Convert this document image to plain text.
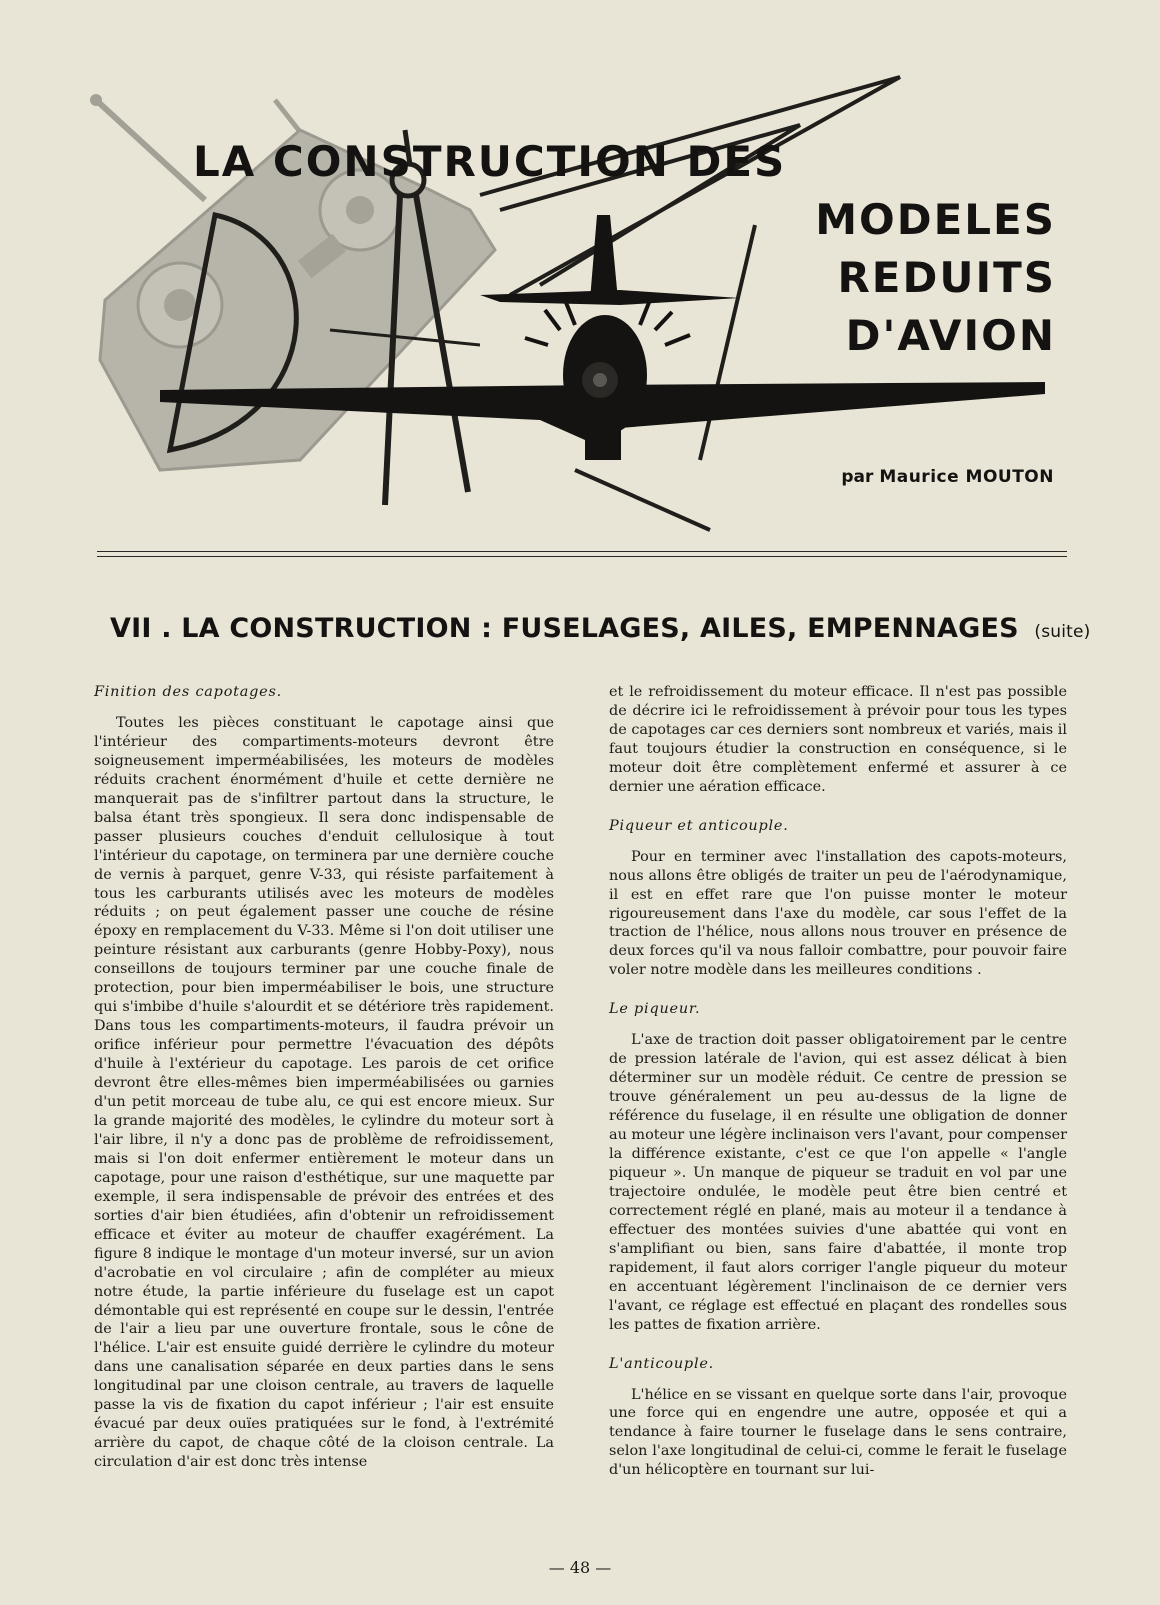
LA CONSTRUCTION DES
MODELES
REDUITS
D'AVION
par Maurice MOUTON
VII . LA CONSTRUCTION : FUSELAGES, AILES, EMPENNAGES (suite)
Finition des capotages.

Toutes les pièces constituant le capotage ainsi que l'intérieur des compartiments-moteurs devront être soigneusement imperméabilisées, les moteurs de modèles réduits crachent énormément d'huile et cette dernière ne manquerait pas de s'infiltrer partout dans la structure, le balsa étant très spongieux. Il sera donc indispensable de passer plusieurs couches d'enduit cellulosique à tout l'intérieur du capotage, on terminera par une dernière couche de vernis à parquet, genre V-33, qui résiste parfaitement à tous les carburants utilisés avec les moteurs de modèles réduits ; on peut également passer une couche de résine époxy en remplacement du V-33. Même si l'on doit utiliser une peinture résistant aux carburants (genre Hobby-Poxy), nous conseillons de toujours terminer par une couche finale de protection, pour bien imperméabiliser le bois, une structure qui s'imbibe d'huile s'alourdit et se détériore très rapidement. Dans tous les compartiments-moteurs, il faudra prévoir un orifice inférieur pour permettre l'évacuation des dépôts d'huile à l'extérieur du capotage. Les parois de cet orifice devront être elles-mêmes bien imperméabilisées ou garnies d'un petit morceau de tube alu, ce qui est encore mieux. Sur la grande majorité des modèles, le cylindre du moteur sort à l'air libre, il n'y a donc pas de problème de refroidissement, mais si l'on doit enfermer entièrement le moteur dans un capotage, pour une raison d'esthétique, sur une maquette par exemple, il sera indispensable de prévoir des entrées et des sorties d'air bien étudiées, afin d'obtenir un refroidissement efficace et éviter au moteur de chauffer exagérément. La figure 8 indique le montage d'un moteur inversé, sur un avion d'acrobatie en vol circulaire ; afin de compléter au mieux notre étude, la partie inférieure du fuselage est un capot démontable qui est représenté en coupe sur le dessin, l'entrée de l'air a lieu par une ouverture frontale, sous le cône de l'hélice. L'air est ensuite guidé derrière le cylindre du moteur dans une canalisation séparée en deux parties dans le sens longitudinal par une cloison centrale, au travers de laquelle passe la vis de fixation du capot inférieur ; l'air est ensuite évacué par deux ouïes pratiquées sur le fond, à l'extrémité arrière du capot, de chaque côté de la cloison centrale. La circulation d'air est donc très intense

et le refroidissement du moteur efficace. Il n'est pas possible de décrire ici le refroidissement à prévoir pour tous les types de capotages car ces derniers sont nombreux et variés, mais il faut toujours étudier la construction en conséquence, si le moteur doit être complètement enfermé et assurer à ce dernier une aération efficace.

Piqueur et anticouple.

Pour en terminer avec l'installation des capots-moteurs, nous allons être obligés de traiter un peu de l'aérodynamique, il est en effet rare que l'on puisse monter le moteur rigoureusement dans l'axe du modèle, car sous l'effet de la traction de l'hélice, nous allons nous trouver en présence de deux forces qu'il va nous falloir combattre, pour pouvoir faire voler notre modèle dans les meilleures conditions .

Le piqueur.

L'axe de traction doit passer obligatoirement par le centre de pression latérale de l'avion, qui est assez délicat à bien déterminer sur un modèle réduit. Ce centre de pression se trouve généralement un peu au-dessus de la ligne de référence du fuselage, il en résulte une obligation de donner au moteur une légère inclinaison vers l'avant, pour compenser la différence existante, c'est ce que l'on appelle « l'angle piqueur ». Un manque de piqueur se traduit en vol par une trajectoire ondulée, le modèle peut être bien centré et correctement réglé en plané, mais au moteur il a tendance à effectuer des montées suivies d'une abattée qui vont en s'amplifiant ou bien, sans faire d'abattée, il monte trop rapidement, il faut alors corriger l'angle piqueur du moteur en accentuant légèrement l'inclinaison de ce dernier vers l'avant, ce réglage est effectué en plaçant des rondelles sous les pattes de fixation arrière.

L'anticouple.

L'hélice en se vissant en quelque sorte dans l'air, provoque une force qui en engendre une autre, opposée et qui a tendance à faire tourner le fuselage dans le sens contraire, selon l'axe longitudinal de celui-ci, comme le ferait le fuselage d'un hélicoptère en tournant sur lui-

— 48 —
